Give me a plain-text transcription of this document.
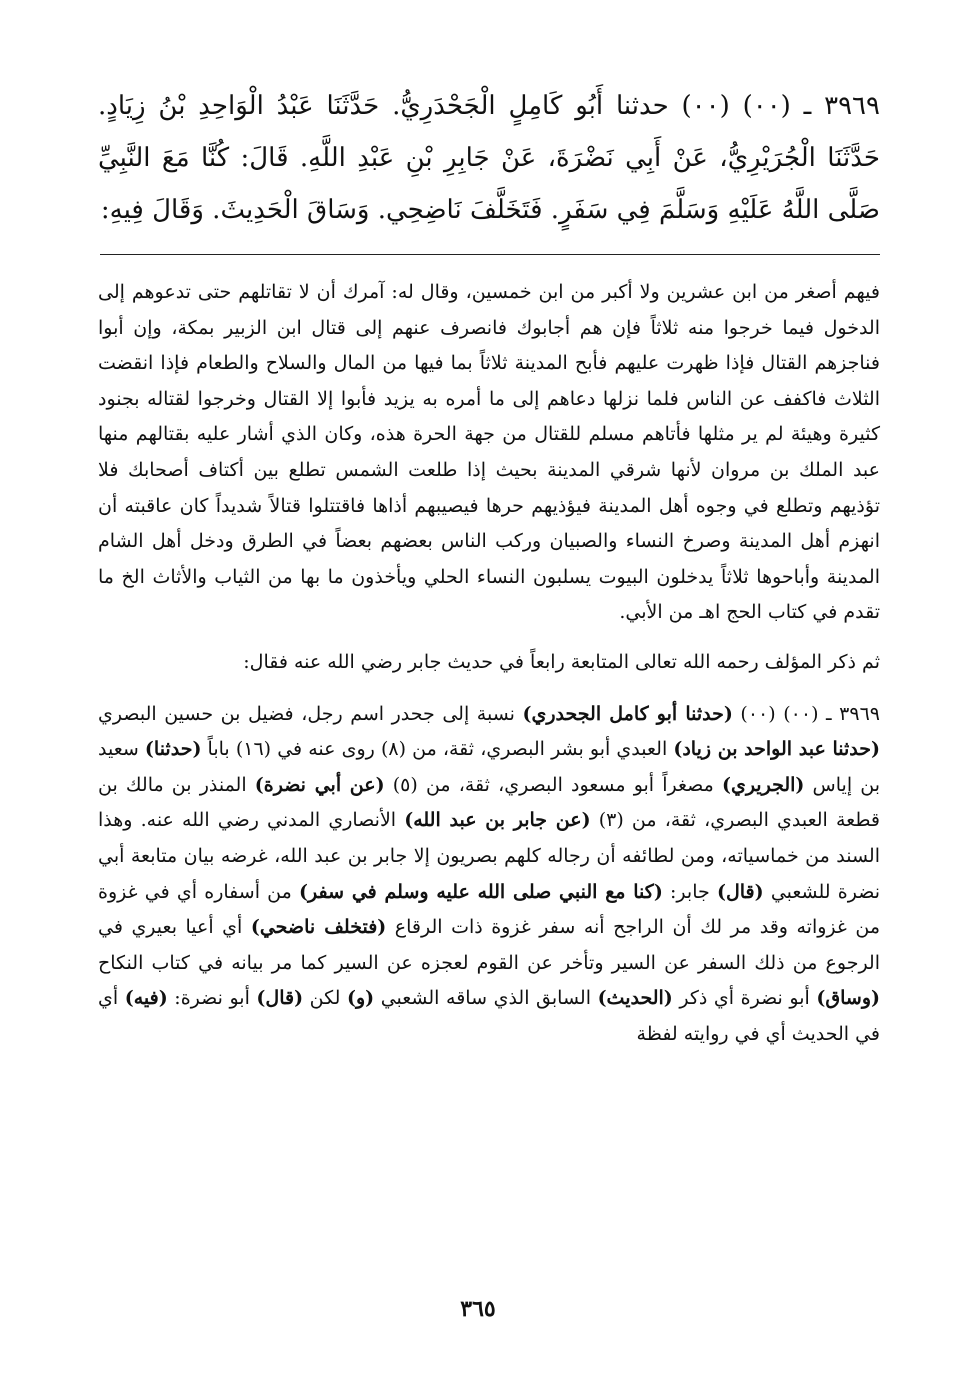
٣٩٦٩ ـ (٠٠) (٠٠) حدثنا أَبُو كَامِلٍ الْجَحْدَرِيُّ. حَدَّثَنَا عَبْدُ الْوَاحِدِ بْنُ زِيَادٍ. حَدَّثَنَا الْجُرَيْرِيُّ، عَنْ أَبِي نَضْرَةَ، عَنْ جَابِرِ بْنِ عَبْدِ اللَّهِ. قَالَ: كُنَّا مَعَ النَّبِيِّ صَلَّى اللَّهُ عَلَيْهِ وَسَلَّمَ فِي سَفَرٍ. فَتَخَلَّفَ نَاضِحِي. وَسَاقَ الْحَدِيثَ. وَقَالَ فِيهِ:

فيهم أصغر من ابن عشرين ولا أكبر من ابن خمسين، وقال له: آمرك أن لا تقاتلهم حتى تدعوهم إلى الدخول فيما خرجوا منه ثلاثاً فإن هم أجابوك فانصرف عنهم إلى قتال ابن الزبير بمكة، وإن أبوا فناجزهم القتال فإذا ظهرت عليهم فأبح المدينة ثلاثاً بما فيها من المال والسلاح والطعام فإذا انقضت الثلاث فاكفف عن الناس فلما نزلها دعاهم إلى ما أمره به يزيد فأبوا إلا القتال وخرجوا لقتاله بجنود كثيرة وهيئة لم ير مثلها فأتاهم مسلم للقتال من جهة الحرة هذه، وكان الذي أشار عليه بقتالهم منها عبد الملك بن مروان لأنها شرقي المدينة بحيث إذا طلعت الشمس تطلع بين أكتاف أصحابك فلا تؤذيهم وتطلع في وجوه أهل المدينة فيؤذيهم حرها فيصيبهم أذاها فاقتتلوا قتالاً شديداً كان عاقبته أن انهزم أهل المدينة وصرخ النساء والصبيان وركب الناس بعضهم بعضاً في الطرق ودخل أهل الشام المدينة وأباحوها ثلاثاً يدخلون البيوت يسلبون النساء الحلي ويأخذون ما بها من الثياب والأثاث الخ ما تقدم في كتاب الحج اهـ من الأبي.

ثم ذكر المؤلف رحمه الله تعالى المتابعة رابعاً في حديث جابر رضي الله عنه فقال:

٣٩٦٩ ـ (٠٠) (٠٠) (حدثنا أبو كامل الجحدري) نسبة إلى جحدر اسم رجل، فضيل بن حسين البصري (حدثنا عبد الواحد بن زياد) العبدي أبو بشر البصري، ثقة، من (٨) روى عنه في (١٦) باباً (حدثنا) سعيد بن إياس (الجريري) مصغراً أبو مسعود البصري، ثقة، من (٥) (عن أبي نضرة) المنذر بن مالك بن قطعة العبدي البصري، ثقة، من (٣) (عن جابر بن عبد الله) الأنصاري المدني رضي الله عنه. وهذا السند من خماسياته، ومن لطائفه أن رجاله كلهم بصريون إلا جابر بن عبد الله، غرضه بيان متابعة أبي نضرة للشعبي (قال) جابر: (كنا مع النبي صلى الله عليه وسلم في سفر) من أسفاره أي في غزوة من غزواته وقد مر لك أن الراجح أنه سفر غزوة ذات الرقاع (فتخلف ناضحي) أي أعيا بعيري في الرجوع من ذلك السفر عن السير وتأخر عن القوم لعجزه عن السير كما مر بيانه في كتاب النكاح (وساق) أبو نضرة أي ذكر (الحديث) السابق الذي ساقه الشعبي (و) لكن (قال) أبو نضرة: (فيه) أي في الحديث أي في روايته لفظة

٣٦٥
